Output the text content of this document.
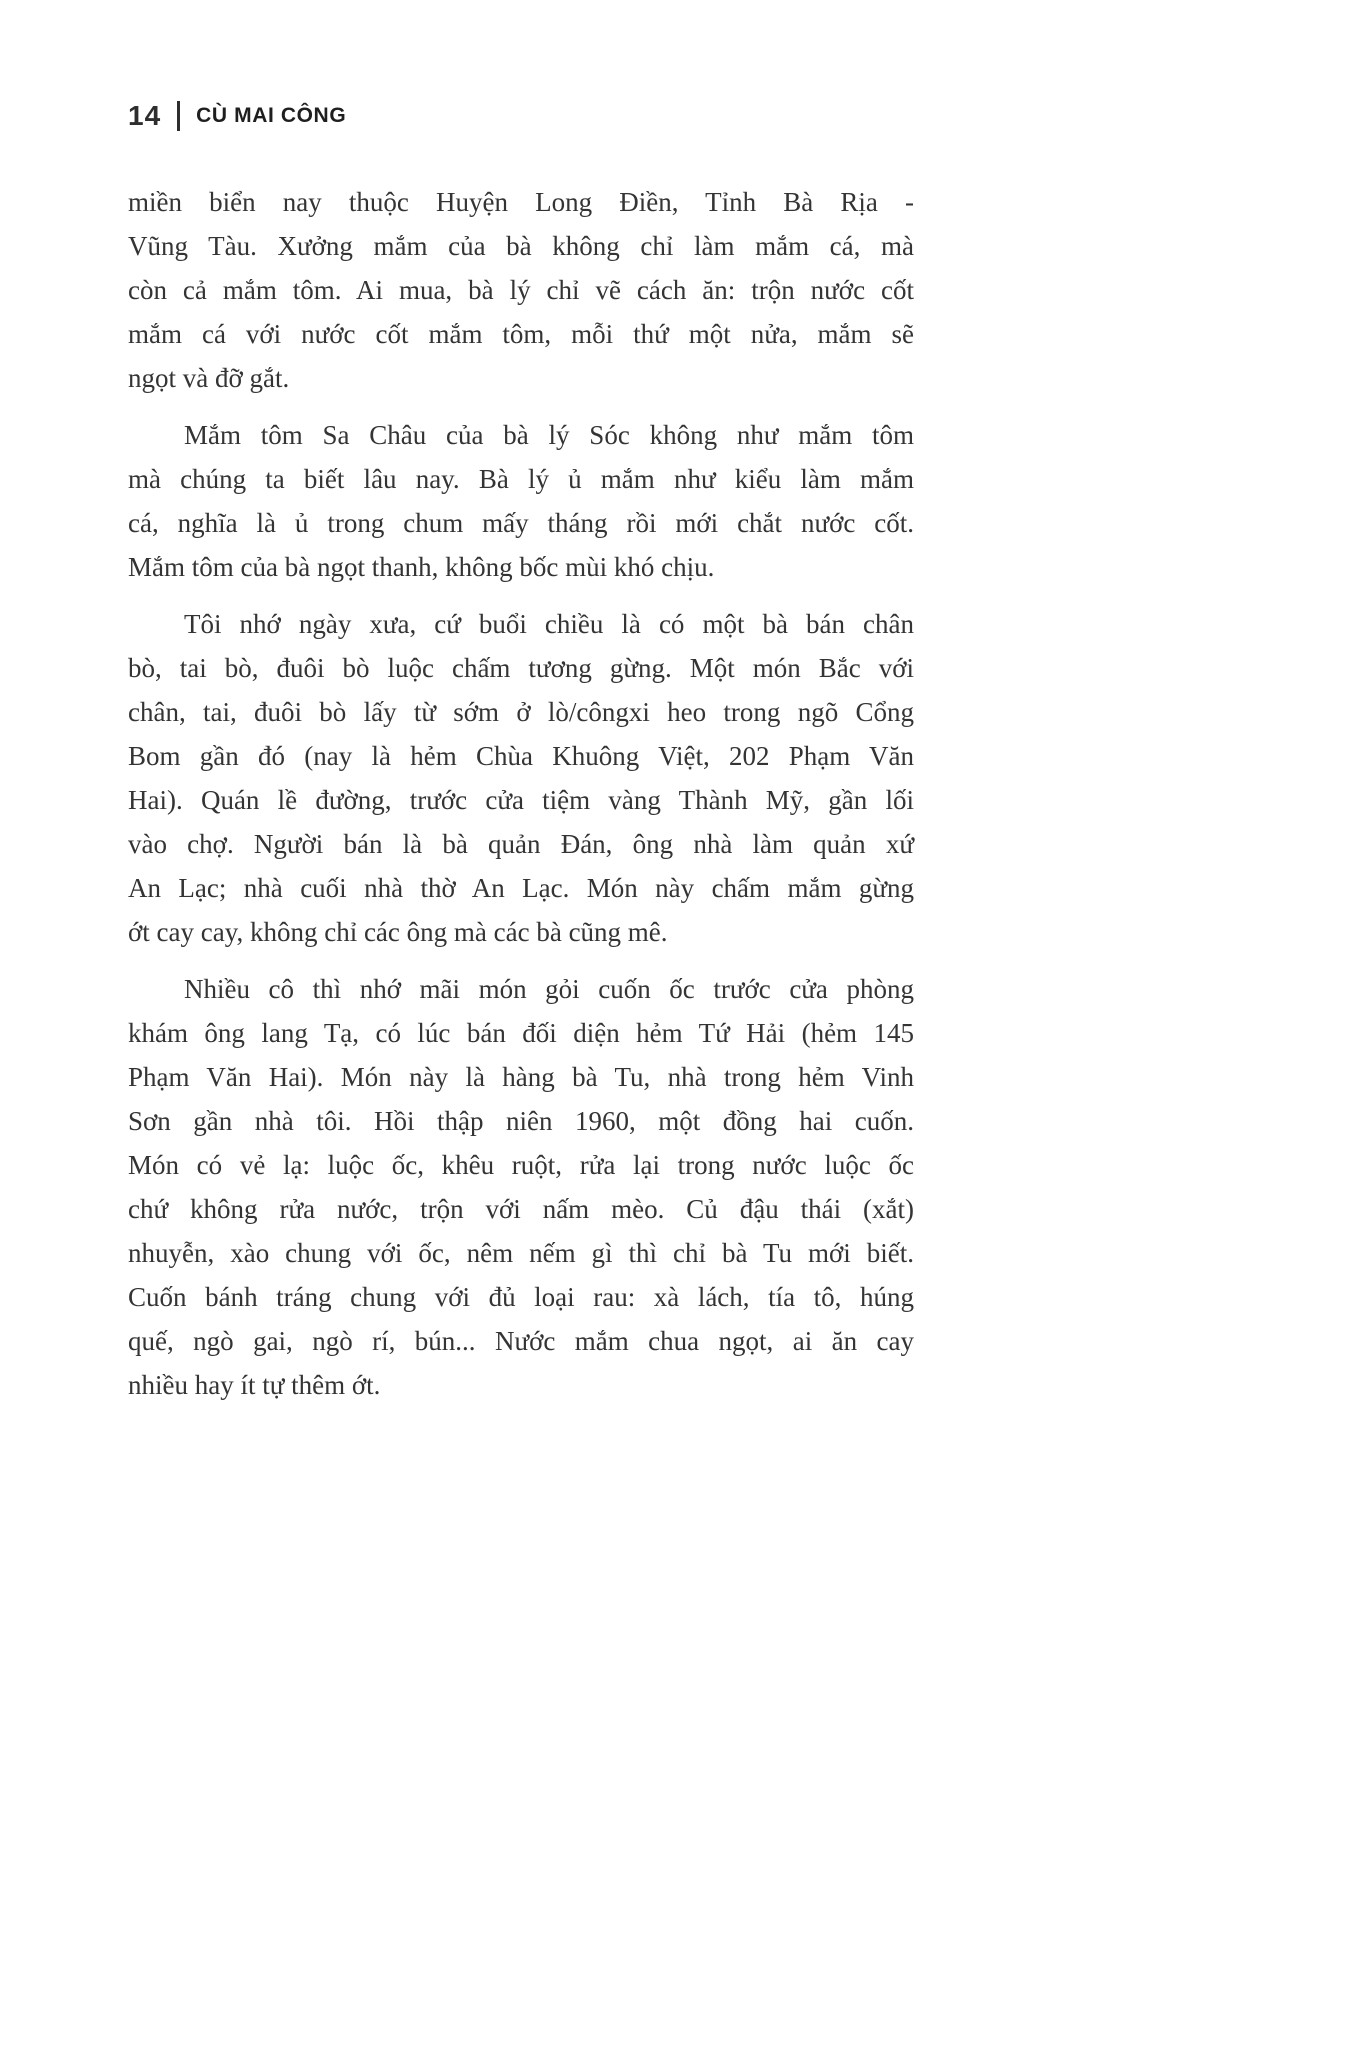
14 CÙ MAI CÔNG
miền biển nay thuộc Huyện Long Điền, Tỉnh Bà Rịa -
Vũng Tàu. Xưởng mắm của bà không chỉ làm mắm cá, mà
còn cả mắm tôm. Ai mua, bà lý chỉ vẽ cách ăn: trộn nước cốt
mắm cá với nước cốt mắm tôm, mỗi thứ một nửa, mắm sẽ
ngọt và đỡ gắt.
Mắm tôm Sa Châu của bà lý Sóc không như mắm tôm
mà chúng ta biết lâu nay. Bà lý ủ mắm như kiểu làm mắm
cá, nghĩa là ủ trong chum mấy tháng rồi mới chắt nước cốt.
Mắm tôm của bà ngọt thanh, không bốc mùi khó chịu.
Tôi nhớ ngày xưa, cứ buổi chiều là có một bà bán chân
bò, tai bò, đuôi bò luộc chấm tương gừng. Một món Bắc với
chân, tai, đuôi bò lấy từ sớm ở lò/côngxi heo trong ngõ Cổng
Bom gần đó (nay là hẻm Chùa Khuông Việt, 202 Phạm Văn
Hai). Quán lề đường, trước cửa tiệm vàng Thành Mỹ, gần lối
vào chợ. Người bán là bà quản Đán, ông nhà làm quản xứ
An Lạc; nhà cuối nhà thờ An Lạc. Món này chấm mắm gừng
ớt cay cay, không chỉ các ông mà các bà cũng mê.
Nhiều cô thì nhớ mãi món gỏi cuốn ốc trước cửa phòng
khám ông lang Tạ, có lúc bán đối diện hẻm Tứ Hải (hẻm 145
Phạm Văn Hai). Món này là hàng bà Tu, nhà trong hẻm Vinh
Sơn gần nhà tôi. Hồi thập niên 1960, một đồng hai cuốn.
Món có vẻ lạ: luộc ốc, khêu ruột, rửa lại trong nước luộc ốc
chứ không rửa nước, trộn với nấm mèo. Củ đậu thái (xắt)
nhuyễn, xào chung với ốc, nêm nếm gì thì chỉ bà Tu mới biết.
Cuốn bánh tráng chung với đủ loại rau: xà lách, tía tô, húng
quế, ngò gai, ngò rí, bún... Nước mắm chua ngọt, ai ăn cay
nhiều hay ít tự thêm ớt.
